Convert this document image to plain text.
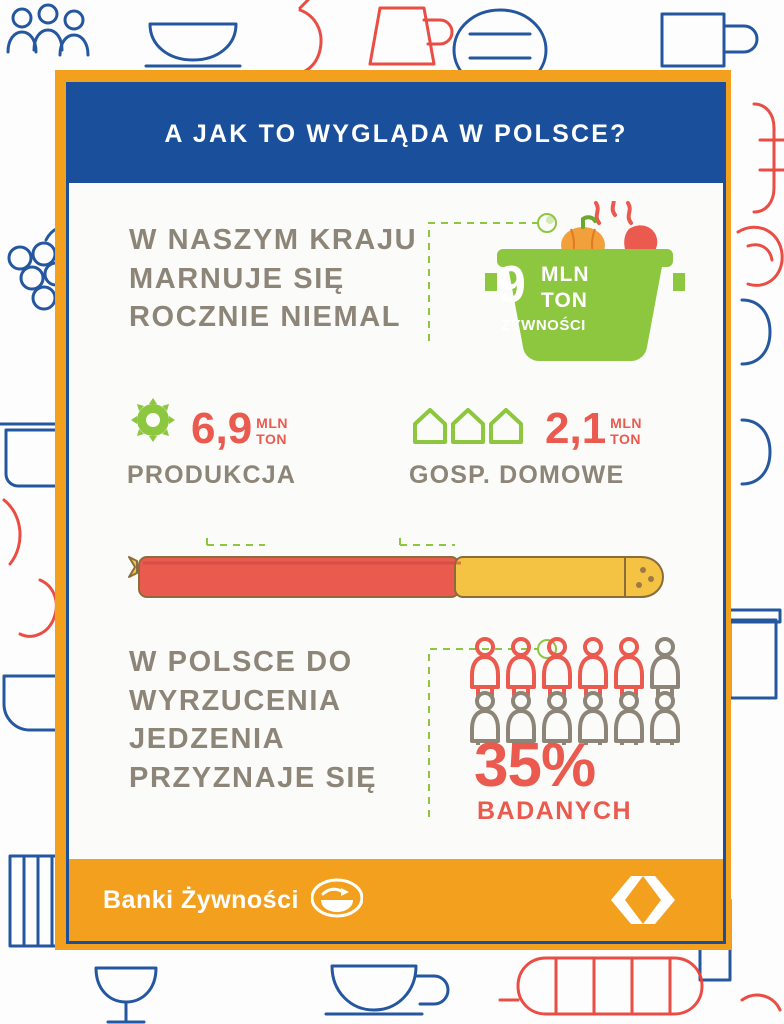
A JAK TO WYGLĄDA W POLSCE?
W NASZYM KRAJU MARNUJE SIĘ ROCZNIE NIEMAL
9 MLN
TON
ŻYWNOŚCI
6,9 MLN
TON
PRODUKCJA
2,1 MLN
TON
GOSP. DOMOWE
W POLSCE DO WYRZUCENIA JEDZENIA PRZYZNAJE SIĘ	35%
BADANYCH
Banki Żywności
